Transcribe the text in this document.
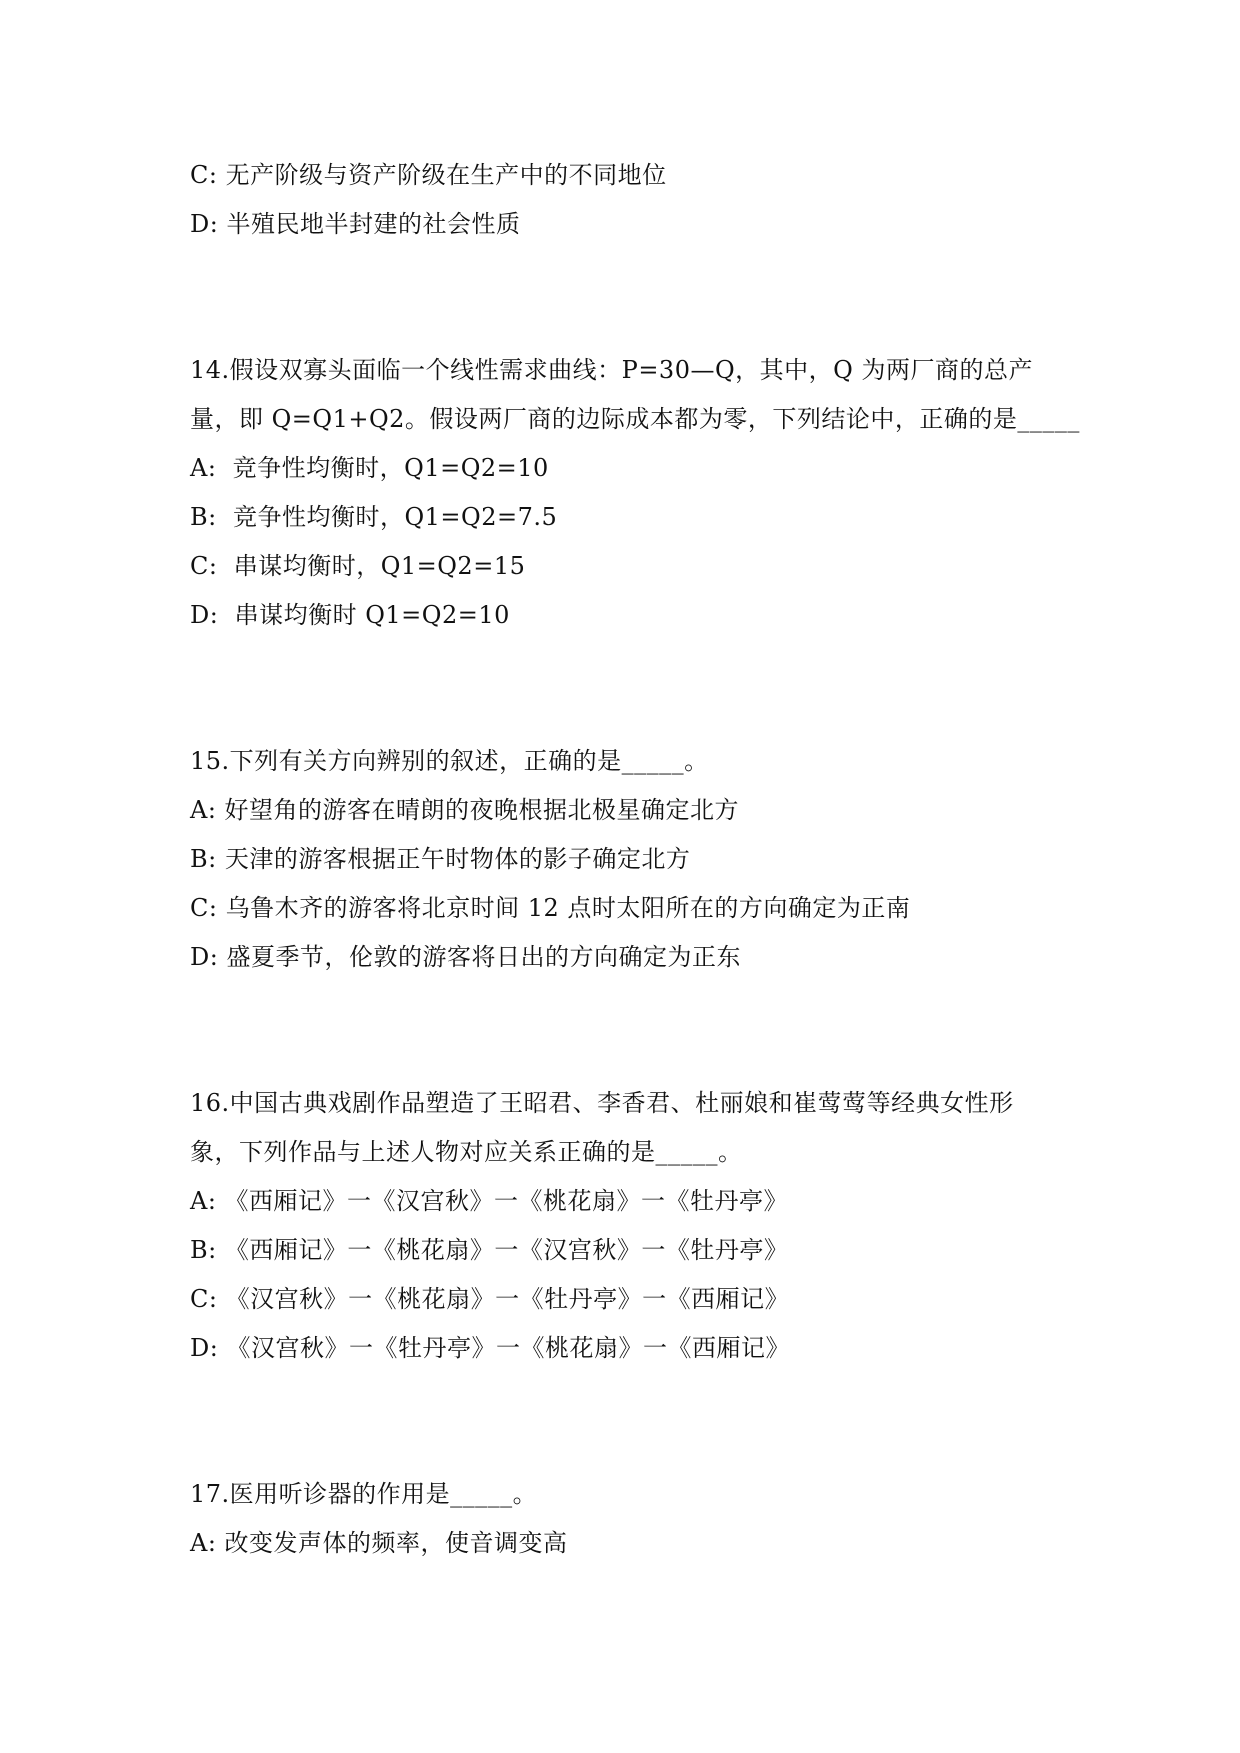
C: 无产阶级与资产阶级在生产中的不同地位
D: 半殖民地半封建的社会性质
14.假设双寡头面临一个线性需求曲线：P=30—Q，其中，Q 为两厂商的总产
量，即 Q=Q1+Q2。假设两厂商的边际成本都为零，下列结论中，正确的是_____
A:  竞争性均衡时，Q1=Q2=10
B:  竞争性均衡时，Q1=Q2=7.5
C:  串谋均衡时，Q1=Q2=15
D:  串谋均衡时 Q1=Q2=10
15.下列有关方向辨别的叙述，正确的是_____。
A: 好望角的游客在晴朗的夜晚根据北极星确定北方
B: 天津的游客根据正午时物体的影子确定北方
C: 乌鲁木齐的游客将北京时间 12 点时太阳所在的方向确定为正南
D: 盛夏季节，伦敦的游客将日出的方向确定为正东
16.中国古典戏剧作品塑造了王昭君、李香君、杜丽娘和崔莺莺等经典女性形
象，下列作品与上述人物对应关系正确的是_____。
A: 《西厢记》一《汉宫秋》一《桃花扇》一《牡丹亭》
B: 《西厢记》一《桃花扇》一《汉宫秋》一《牡丹亭》
C: 《汉宫秋》一《桃花扇》一《牡丹亭》一《西厢记》
D: 《汉宫秋》一《牡丹亭》一《桃花扇》一《西厢记》
17.医用听诊器的作用是_____。
A: 改变发声体的频率，使音调变高
